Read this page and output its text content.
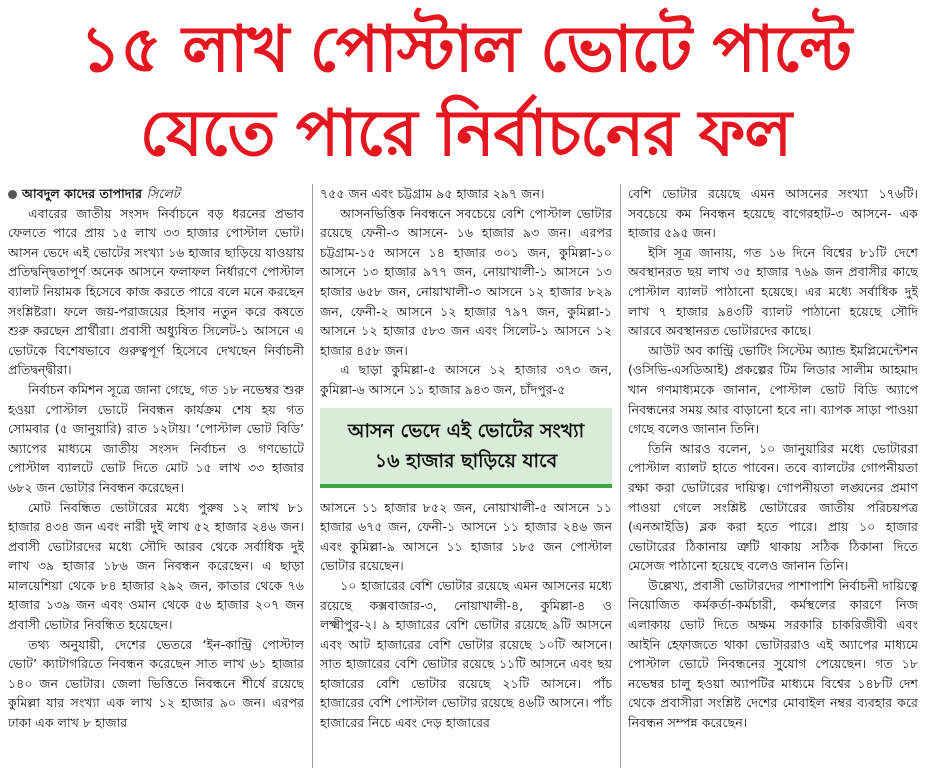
১৫ লাখ পোস্টাল ভোটে পাল্টে
যেতে পারে নির্বাচনের ফল

আবদুল কাদের তাপাদার সিলেট

এবারের জাতীয় সংসদ নির্বাচনে বড় ধরনের প্রভাব ফেলতে পারে প্রায় ১৫ লাখ ৩৩ হাজার পোস্টাল ভোট। আসন ভেদে এই ভোটের সংখ্যা ১৬ হাজার ছাড়িয়ে যাওয়ায় প্রতিদ্বন্দ্বিতাপূর্ণ অনেক আসনে ফলাফল নির্ধারণে পোস্টাল ব্যালট নিয়ামক হিসেবে কাজ করতে পারে বলে মনে করছেন সংশ্লিষ্টরা। ফলে জয়-পরাজয়ের হিসাব নতুন করে কষতে শুরু করছেন প্রার্থীরা। প্রবাসী অধ্যুষিত সিলেট-১ আসনে এ ভোটকে বিশেষভাবে গুরুত্বপূর্ণ হিসেবে দেখছেন নির্বাচনী প্রতিদ্বন্দ্বীরা।

নির্বাচন কমিশন সূত্রে জানা গেছে, গত ১৮ নভেম্বর শুরু হওয়া পোস্টাল ভোটে নিবন্ধন কার্যক্রম শেষ হয় গত সোমবার (৫ জানুয়ারি) রাত ১২টায়। ‘পোস্টাল ভোট বিডি’ অ্যাপের মাধ্যমে জাতীয় সংসদ নির্বাচন ও গণভোটে পোস্টাল ব্যালটে ভোট দিতে মোট ১৫ লাখ ৩৩ হাজার ৬৮২ জন ভোটার নিবন্ধন করেছেন।

মোট নিবন্ধিত ভোটারের মধ্যে পুরুষ ১২ লাখ ৮১ হাজার ৪৩৪ জন এবং নারী দুই লাখ ৫২ হাজার ২৪৬ জন। প্রবাসী ভোটারদের মধ্যে সৌদি আরব থেকে সর্বাধিক দুই লাখ ৩৯ হাজার ১৮৬ জন নিবন্ধন করেছেন। এ ছাড়া মালয়েশিয়া থেকে ৮৪ হাজার ২৯২ জন, কাতার থেকে ৭৬ হাজার ১৩৯ জন এবং ওমান থেকে ৫৬ হাজার ২০৭ জন প্রবাসী ভোটার নিবন্ধিত হয়েছেন।

তথ্য অনুযায়ী, দেশের ভেতরে ‘ইন-কান্ট্রি পোস্টাল ভোট’ ক্যাটাগরিতে নিবন্ধন করেছেন সাত লাখ ৬১ হাজার ১৪০ জন ভোটার। জেলা ভিত্তিতে নিবন্ধনে শীর্ষে রয়েছে কুমিল্লা যার সংখ্যা এক লাখ ১২ হাজার ৯০ জন। এরপর ঢাকা এক লাখ ৮ হাজার

৭৫৫ জন এবং চট্টগ্রাম ৯৫ হাজার ২৯৭ জন।

আসনভিত্তিক নিবন্ধনে সবচেয়ে বেশি পোস্টাল ভোটার রয়েছে ফেনী-৩ আসনে- ১৬ হাজার ৯৩ জন। এরপর চট্টগ্রাম-১৫ আসনে ১৪ হাজার ৩০১ জন, কুমিল্লা-১০ আসনে ১৩ হাজার ৯৭৭ জন, নোয়াখালী-১ আসনে ১৩ হাজার ৬৫৮ জন, নোয়াখালী-৩ আসনে ১২ হাজার ৮২৯ জন, ফেনী-২ আসনে ১২ হাজার ৭৯৭ জন, কুমিল্লা-১ আসনে ১২ হাজার ৫৮৩ জন এবং সিলেট-১ আসনে ১২ হাজার ৪৫৮ জন।

এ ছাড়া কুমিল্লা-৫ আসনে ১২ হাজার ৩৭৩ জন, কুমিল্লা-৬ আসনে ১১ হাজার ৯৪৩ জন, চাঁদপুর-৫

আসন ভেদে এই ভোটের সংখ্যা
১৬ হাজার ছাড়িয়ে যাবে

আসনে ১১ হাজার ৮৫২ জন, নোয়াখালী-৫ আসনে ১১ হাজার ৬৭৫ জন, ফেনী-১ আসনে ১১ হাজার ২৪৬ জন এবং কুমিল্লা-৯ আসনে ১১ হাজার ১৮৫ জন পোস্টাল ভোটার রয়েছেন।

১০ হাজারের বেশি ভোটার রয়েছে এমন আসনের মধ্যে রয়েছে কক্সবাজার-৩, নোয়াখালী-৪, কুমিল্লা-৪ ও লক্ষ্মীপুর-২। ৯ হাজারের বেশি ভোটার রয়েছে ৯টি আসনে এবং আট হাজারের বেশি ভোটার রয়েছে ১০টি আসনে। সাত হাজারের বেশি ভোটার রয়েছে ১১টি আসনে এবং ছয় হাজারের বেশি ভোটার রয়েছে ২১টি আসনে। পাঁচ হাজারের বেশি পোস্টাল ভোটার রয়েছে ৪৬টি আসনে। পাঁচ হাজারের নিচে এবং দেড় হাজারের

বেশি ভোটার রয়েছে এমন আসনের সংখ্যা ১৭৬টি। সবচেয়ে কম নিবন্ধন হয়েছে বাগেরহাট-৩ আসনে- এক হাজার ৫৯৫ জন।

ইসি সূত্র জানায়, গত ১৬ দিনে বিশ্বের ৮১টি দেশে অবস্থানরত ছয় লাখ ৩৫ হাজার ৭৬৯ জন প্রবাসীর কাছে পোস্টাল ব্যালট পাঠানো হয়েছে। এর মধ্যে সর্বাধিক দুই লাখ ৭ হাজার ৯৪৩টি ব্যালট পাঠানো হয়েছে সৌদি আরবে অবস্থানরত ভোটারদের কাছে।

আউট অব কান্ট্রি ভোটিং সিস্টেম অ্যান্ড ইমপ্লিমেন্টেশন (ওসিভি-এসডিআই) প্রকল্পের টিম লিডার সালীম আহমাদ খান গণমাধ্যমকে জানান, পোস্টাল ভোট বিডি অ্যাপে নিবন্ধনের সময় আর বাড়ানো হবে না। ব্যাপক সাড়া পাওয়া গেছে বলেও জানান তিনি।

তিনি আরও বলেন, ১০ জানুয়ারির মধ্যে ভোটাররা পোস্টাল ব্যালট হাতে পাবেন। তবে ব্যালটের গোপনীয়তা রক্ষা করা ভোটারের দায়িত্ব। গোপনীয়তা লঙ্ঘনের প্রমাণ পাওয়া গেলে সংশ্লিষ্ট ভোটারের জাতীয় পরিচয়পত্র (এনআইডি) ব্লক করা হতে পারে। প্রায় ১০ হাজার ভোটারের ঠিকানায় ত্রুটি থাকায় সঠিক ঠিকানা দিতে মেসেজ পাঠানো হয়েছে বলেও জানান তিনি।

উল্লেখ্য, প্রবাসী ভোটারদের পাশাপাশি নির্বাচনী দায়িত্বে নিয়োজিত কর্মকর্তা-কর্মচারী, কর্মস্থলের কারণে নিজ এলাকায় ভোট দিতে অক্ষম সরকারি চাকরিজীবী এবং আইনি হেফাজতে থাকা ভোটাররাও এই অ্যাপের মাধ্যমে পোস্টাল ভোটে নিবন্ধনের সুযোগ পেয়েছেন। গত ১৮ নভেম্বর চালু হওয়া অ্যাপটির মাধ্যমে বিশ্বের ১৪৮টি দেশ থেকে প্রবাসীরা সংশ্লিষ্ট দেশের মোবাইল নম্বর ব্যবহার করে নিবন্ধন সম্পন্ন করেছেন।
